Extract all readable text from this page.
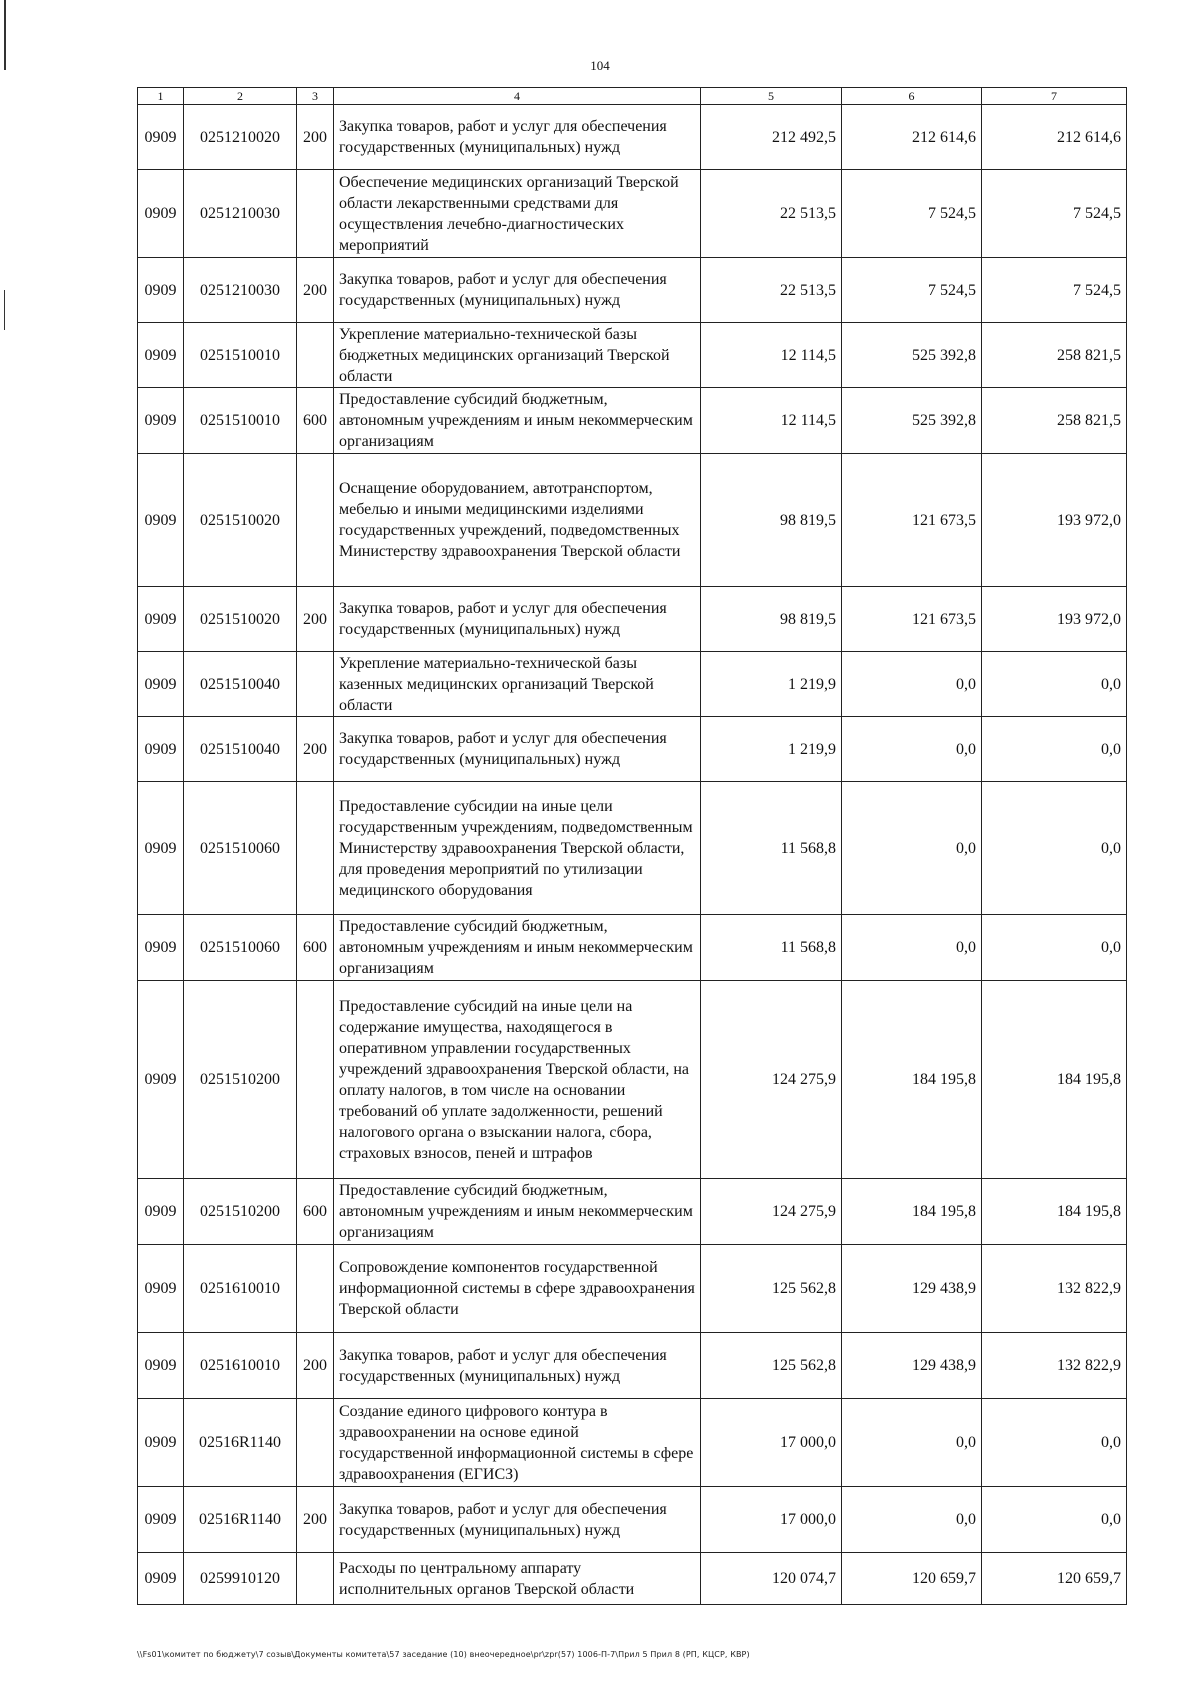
104
1	2	3	4	5	6	7
0909	0251210020	200	Закупка товаров, работ и услуг для обеспечения государственных (муниципальных) нужд	212 492,5	212 614,6	212 614,6
0909	0251210030		Обеспечение медицинских организаций Тверской области лекарственными средствами для осуществления лечебно-диагностических мероприятий	22 513,5	7 524,5	7 524,5
0909	0251210030	200	Закупка товаров, работ и услуг для обеспечения государственных (муниципальных) нужд	22 513,5	7 524,5	7 524,5
0909	0251510010		Укрепление материально-технической базы бюджетных медицинских организаций Тверской области	12 114,5	525 392,8	258 821,5
0909	0251510010	600	Предоставление субсидий бюджетным, автономным учреждениям и иным некоммерческим организациям	12 114,5	525 392,8	258 821,5
0909	0251510020		Оснащение оборудованием, автотранспортом, мебелью и иными медицинскими изделиями государственных учреждений, подведомственных Министерству здравоохранения Тверской области	98 819,5	121 673,5	193 972,0
0909	0251510020	200	Закупка товаров, работ и услуг для обеспечения государственных (муниципальных) нужд	98 819,5	121 673,5	193 972,0
0909	0251510040		Укрепление материально-технической базы казенных медицинских организаций Тверской области	1 219,9	0,0	0,0
0909	0251510040	200	Закупка товаров, работ и услуг для обеспечения государственных (муниципальных) нужд	1 219,9	0,0	0,0
0909	0251510060		Предоставление субсидии на иные цели государственным учреждениям, подведомственным Министерству здравоохранения Тверской области, для проведения мероприятий по утилизации медицинского оборудования	11 568,8	0,0	0,0
0909	0251510060	600	Предоставление субсидий бюджетным, автономным учреждениям и иным некоммерческим организациям	11 568,8	0,0	0,0
0909	0251510200		Предоставление субсидий на иные цели на содержание имущества, находящегося в оперативном управлении государственных учреждений здравоохранения Тверской области, на оплату налогов, в том числе на основании требований об уплате задолженности, решений налогового органа о взыскании налога, сбора, страховых взносов, пеней и штрафов	124 275,9	184 195,8	184 195,8
0909	0251510200	600	Предоставление субсидий бюджетным, автономным учреждениям и иным некоммерческим организациям	124 275,9	184 195,8	184 195,8
0909	0251610010		Сопровождение компонентов государственной информационной системы в сфере здравоохранения Тверской области	125 562,8	129 438,9	132 822,9
0909	0251610010	200	Закупка товаров, работ и услуг для обеспечения государственных (муниципальных) нужд	125 562,8	129 438,9	132 822,9
0909	02516R1140		Создание единого цифрового контура в здравоохранении на основе единой государственной информационной системы в сфере здравоохранения (ЕГИСЗ)	17 000,0	0,0	0,0
0909	02516R1140	200	Закупка товаров, работ и услуг для обеспечения государственных (муниципальных) нужд	17 000,0	0,0	0,0
0909	0259910120		Расходы по центральному аппарату исполнительных органов Тверской области	120 074,7	120 659,7	120 659,7
\\Fs01\комитет по бюджету\7 созыв\Документы комитета\57 заседание (10) внеочередное\pr\zpr(57) 1006-П-7\Прил 5 Прил 8 (РП, КЦСР, КВР)
